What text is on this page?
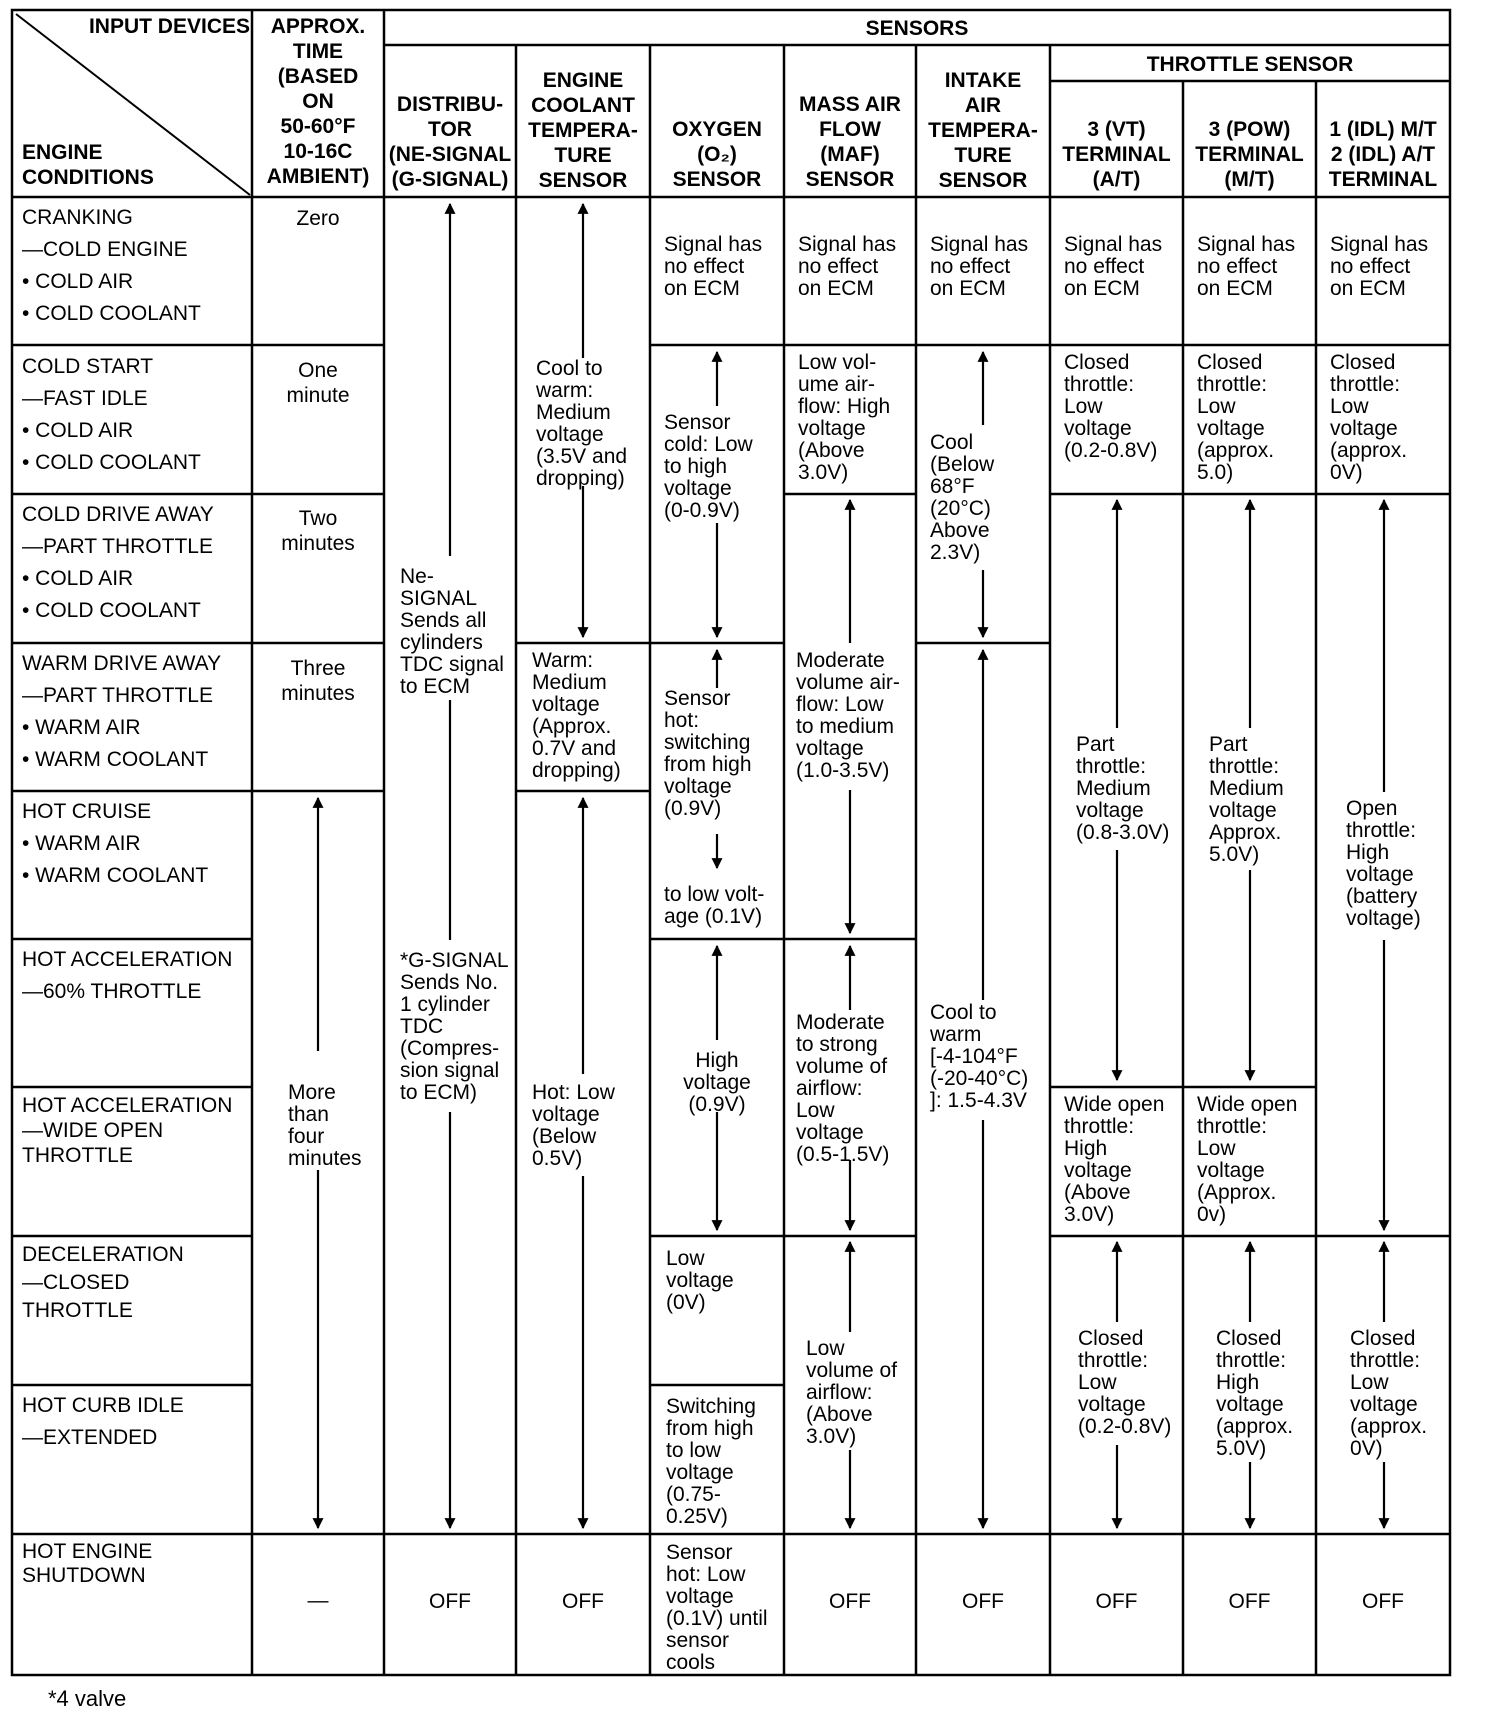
INPUT DEVICES
ENGINE
CONDITIONS
APPROX.
TIME
(BASED
ON
50-60°F
10-16C
AMBIENT)
SENSORS
THROTTLE SENSOR
DISTRIBU-
TOR
(NE-SIGNAL
(G-SIGNAL)
ENGINE
COOLANT
TEMPERA-
TURE
SENSOR
OXYGEN
(O₂)
SENSOR
MASS AIR
FLOW
(MAF)
SENSOR
INTAKE
AIR
TEMPERA-
TURE
SENSOR
3 (VT)
TERMINAL
(A/T)
3 (POW)
TERMINAL
(M/T)
1 (IDL) M/T
2 (IDL) A/T
TERMINAL
CRANKING
—COLD ENGINE
• COLD AIR
• COLD COOLANT
COLD START
—FAST IDLE
• COLD AIR
• COLD COOLANT
COLD DRIVE AWAY
—PART THROTTLE
• COLD AIR
• COLD COOLANT
WARM DRIVE AWAY
—PART THROTTLE
• WARM AIR
• WARM COOLANT
HOT CRUISE
• WARM AIR
• WARM COOLANT
HOT ACCELERATION
—60% THROTTLE
HOT ACCELERATION
—WIDE OPEN
THROTTLE
DECELERATION
—CLOSED
THROTTLE
HOT CURB IDLE
—EXTENDED
HOT ENGINE
SHUTDOWN
Zero
One
minute
Two
minutes
Three
minutes
More
than
four
minutes
—
Ne-
SIGNAL
Sends all
cylinders
TDC signal
to ECM
*G-SIGNAL
Sends No.
1 cylinder
TDC
(Compres-
sion signal
to ECM)
OFF
Cool to
warm:
Medium
voltage
(3.5V and
dropping)
Warm:
Medium
voltage
(Approx.
0.7V and
dropping)
Hot: Low
voltage
(Below
0.5V)
OFF
Signal has
no effect
on ECM
Sensor
cold: Low
to high
voltage
(0-0.9V)
Sensor
hot:
switching
from high
voltage
(0.9V)
to low volt-
age (0.1V)
High
voltage
(0.9V)
Low
voltage
(0V)
Switching
from high
to low
voltage
(0.75-
0.25V)
Sensor
hot: Low
voltage
(0.1V) until
sensor
cools
Signal has
no effect
on ECM
Low vol-
ume air-
flow: High
voltage
(Above
3.0V)
Moderate
volume air-
flow: Low
to medium
voltage
(1.0-3.5V)
Moderate
to strong
volume of
airflow:
Low
voltage
(0.5-1.5V)
Low
volume of
airflow:
(Above
3.0V)
OFF
Signal has
no effect
on ECM
Cool
(Below
68°F
(20°C)
Above
2.3V)
Cool to
warm
[-4-104°F
(-20-40°C)
]: 1.5-4.3V
OFF
Signal has
no effect
on ECM
Closed
throttle:
Low
voltage
(0.2-0.8V)
Part
throttle:
Medium
voltage
(0.8-3.0V)
Wide open
throttle:
High
voltage
(Above
3.0V)
Closed
throttle:
Low
voltage
(0.2-0.8V)
OFF
Signal has
no effect
on ECM
Closed
throttle:
Low
voltage
(approx.
5.0)
Part
throttle:
Medium
voltage
Approx.
5.0V)
Wide open
throttle:
Low
voltage
(Approx.
0v)
Closed
throttle:
High
voltage
(approx.
5.0V)
OFF
Signal has
no effect
on ECM
Closed
throttle:
Low
voltage
(approx.
0V)
Open
throttle:
High
voltage
(battery
voltage)
Closed
throttle:
Low
voltage
(approx.
0V)
OFF
*4 valve
